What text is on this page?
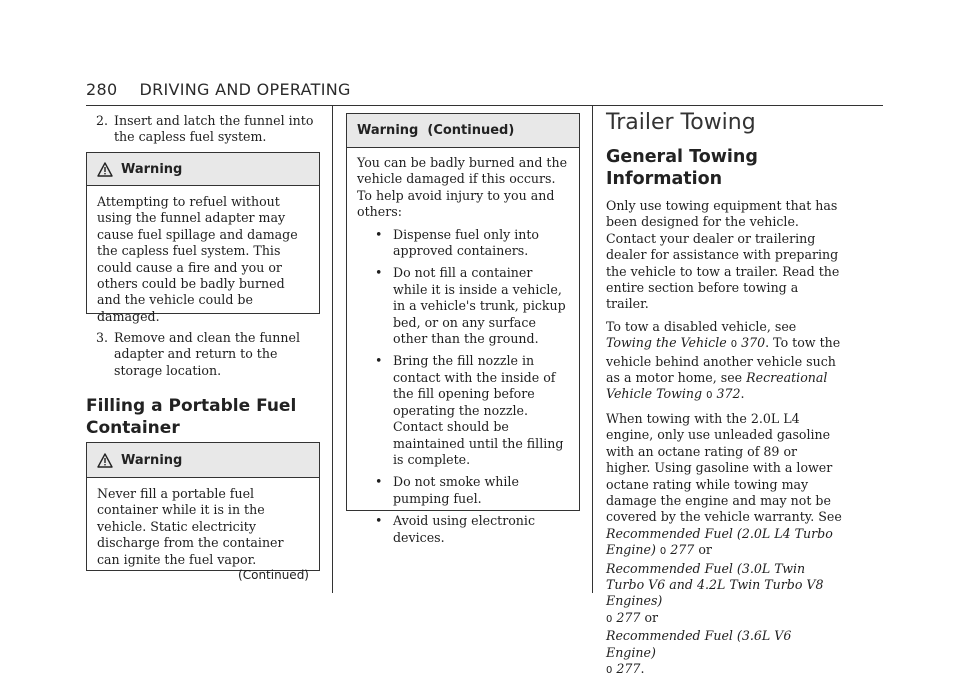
280 DRIVING AND OPERATING
2. Insert and latch the funnel into the capless fuel system.
Warning

Attempting to refuel without using the funnel adapter may cause fuel spillage and damage the capless fuel system. This could cause a fire and you or others could be badly burned and the vehicle could be damaged.

3. Remove and clean the funnel adapter and return to the storage location.
Filling a Portable Fuel Container
Warning

Never fill a portable fuel container while it is in the vehicle. Static electricity discharge from the container can ignite the fuel vapor.

(Continued)
Warning  (Continued)

You can be badly burned and the vehicle damaged if this occurs. To help avoid injury to you and others:

• Dispense fuel only into approved containers.
• Do not fill a container while it is inside a vehicle, in a vehicle's trunk, pickup bed, or on any surface other than the ground.
• Bring the fill nozzle in contact with the inside of the fill opening before operating the nozzle. Contact should be maintained until the filling is complete.
• Do not smoke while pumping fuel.
• Avoid using electronic devices.
Trailer Towing
General Towing Information

Only use towing equipment that has been designed for the vehicle. Contact your dealer or trailering dealer for assistance with preparing the vehicle to tow a trailer. Read the entire section before towing a trailer.

To tow a disabled vehicle, see Towing the Vehicle 0 370. To tow the vehicle behind another vehicle such as a motor home, see Recreational Vehicle Towing 0 372.

When towing with the 2.0L L4 engine, only use unleaded gasoline with an octane rating of 89 or higher. Using gasoline with a lower octane rating while towing may damage the engine and may not be covered by the vehicle warranty. See Recommended Fuel (2.0L L4 Turbo Engine) 0 277 or
Recommended Fuel (3.0L Twin Turbo V6 and 4.2L Twin Turbo V8 Engines)
0 277 or
Recommended Fuel (3.6L V6 Engine)
0 277.
